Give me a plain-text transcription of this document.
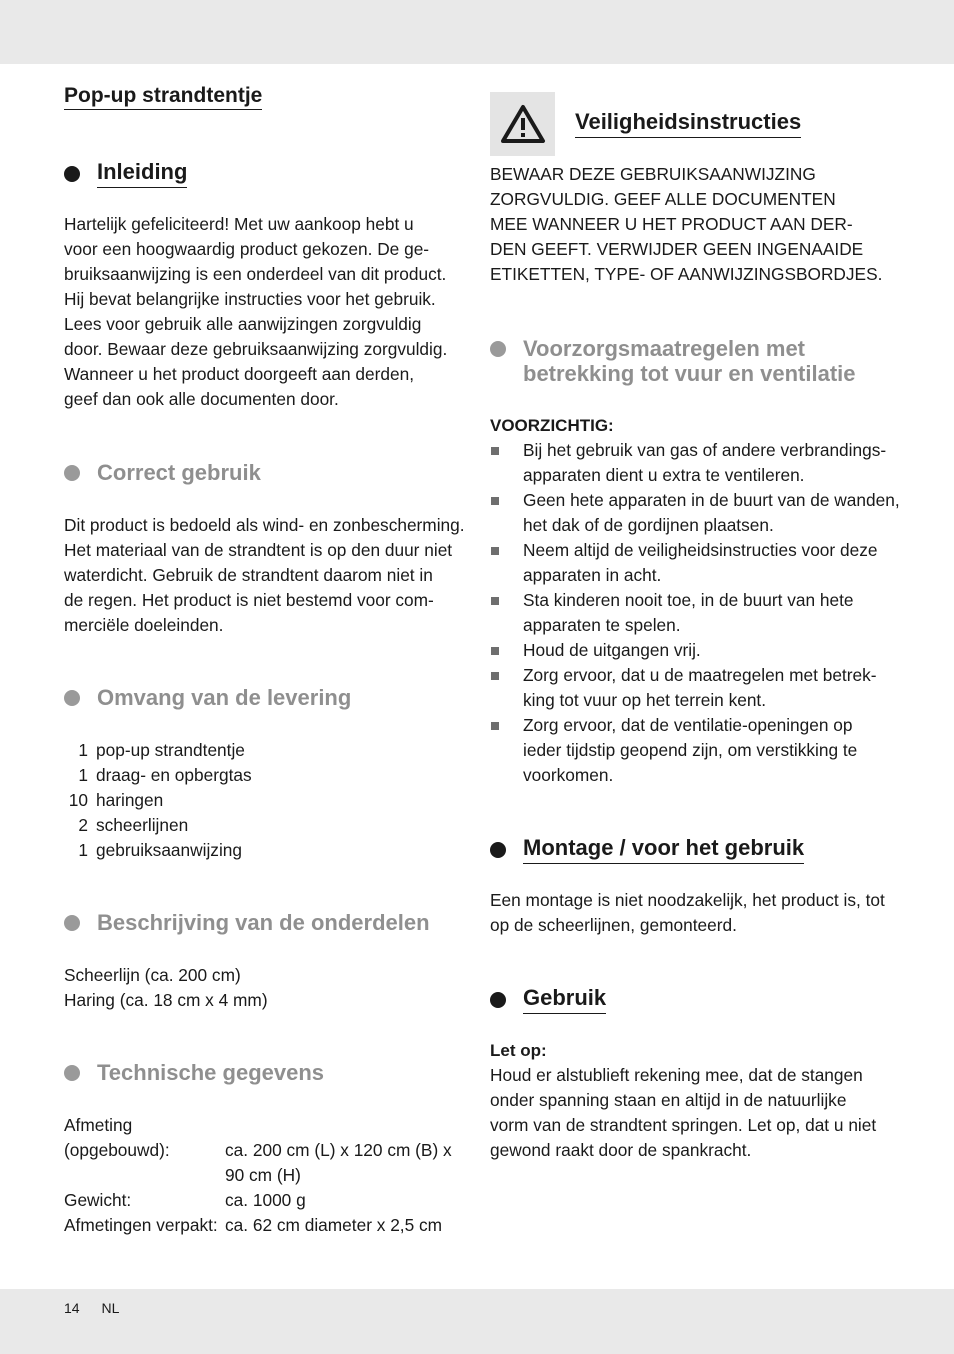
Pop-up strandtentje
Inleiding

Hartelijk gefeliciteerd! Met uw aankoop hebt u

voor een hoogwaardig product gekozen. De ge-

bruiksaanwijzing is een onderdeel van dit product.

Hij bevat belangrijke instructies voor het gebruik.

Lees voor gebruik alle aanwijzingen zorgvuldig

door. Bewaar deze gebruiksaanwijzing zorgvuldig.

Wanneer u het product doorgeeft aan derden,

geef dan ook alle documenten door.

Correct gebruik

Dit product is bedoeld als wind- en zonbescherming.

Het materiaal van de strandtent is op den duur niet

waterdicht. Gebruik de strandtent daarom niet in

de regen. Het product is niet bestemd voor com-

merciële doeleinden.

Omvang van de levering
1 pop-up strandtentje
1 draag- en opbergtas
10 haringen
2 scheerlijnen
1 gebruiksaanwijzing
Beschrijving van de onderdelen

Scheerlijn (ca. 200 cm)

Haring (ca. 18 cm x 4 mm)

Technische gegevens
Afmeting
(opgebouwd):	ca. 200 cm (L) x 120 cm (B) x
90 cm (H)
Gewicht:	ca. 1000 g
Afmetingen verpakt: ca. 62 cm diameter x 2,5 cm
Veiligheidsinstructies

BEWAAR DEZE GEBRUIKSAANWIJZING

ZORGVULDIG. GEEF ALLE DOCUMENTEN

MEE WANNEER U HET PRODUCT AAN DER-

DEN GEEFT. VERWIJDER GEEN INGENAAIDE

ETIKETTEN, TYPE- OF AANWIJZINGSBORDJES.

Voorzorgsmaatregelen met
betrekking tot vuur en ventilatie
VOORZICHTIG:
Bij het gebruik van gas of andere verbrandings-
apparaten dient u extra te ventileren.
Geen hete apparaten in de buurt van de wanden,
het dak of de gordijnen plaatsen.
Neem altijd de veiligheidsinstructies voor deze
apparaten in acht.
Sta kinderen nooit toe, in de buurt van hete
apparaten te spelen.
Houd de uitgangen vrij.
Zorg ervoor, dat u de maatregelen met betrek-
king tot vuur op het terrein kent.
Zorg ervoor, dat de ventilatie-openingen op
ieder tijdstip geopend zijn, om verstikking te
voorkomen.
Montage / voor het gebruik

Een montage is niet noodzakelijk, het product is, tot

op de scheerlijnen, gemonteerd.

Gebruik
Let op:

Houd er alstublieft rekening mee, dat de stangen

onder spanning staan en altijd in de natuurlijke

vorm van de strandtent springen. Let op, dat u niet

gewond raakt door de spankracht.

14 NL
